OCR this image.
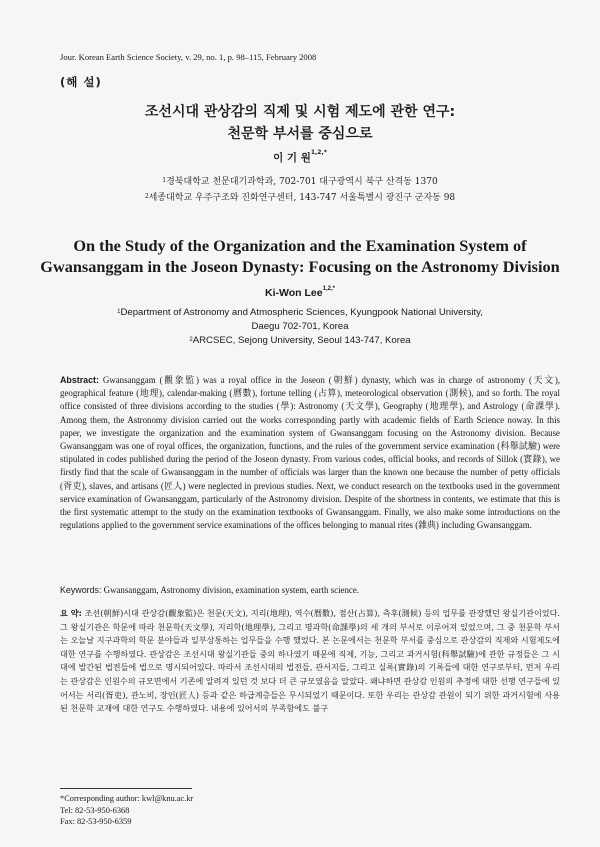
Jour. Korean Earth Science Society, v. 29, no. 1, p. 98–115, February 2008
(해 설)
조선시대 관상감의 직제 및 시험 제도에 관한 연구:
천문학 부서를 중심으로
이 기 원$^{1,2,*}$
$^1$경북대학교 천문대기과학과, 702-701 대구광역시 북구 산격동 1370
$^2$세종대학교 우주구조와 진화연구센터, 143-747 서울특별시 광진구 군자동 98
On the Study of the Organization and the Examination System of
Gwansanggam in the Joseon Dynasty: Focusing on the Astronomy Division
Ki-Won Lee$^{1,2,*}$
$^1$Department of Astronomy and Atmospheric Sciences, Kyungpook National University,
Daegu 702-701, Korea
$^2$ARCSEC, Sejong University, Seoul 143-747, Korea
Abstract: Gwansanggam (觀象監) was a royal office in the Joseon (朝鮮) dynasty, which was in charge of astronomy (天文), geographical feature (地理), calendar-making (曆數), fortune telling (占算), meteorological observation (測候), and so forth. The royal office consisted of three divisions according to the studies (學): Astronomy (天文學), Geography (地理學), and Astrology (命課學). Among them, the Astronomy division carried out the works corresponding partly with academic fields of Earth Science noway. In this paper, we investigate the organization and the examination system of Gwansanggam focusing on the Astronomy division. Because Gwansanggam was one of royal offices, the organization, functions, and the rules of the government service examination (科舉試驗) were stipulated in codes published during the period of the Joseon dynasty. From various codes, official books, and records of Sillok (實錄), we firstly find that the scale of Gwansanggam in the number of officials was larger than the known one because the number of petty officials (胥吏), slaves, and artisans (匠人) were neglected in previous studies. Next, we conduct research on the textbooks used in the government service examination of Gwansanggam, particularly of the Astronomy division. Despite of the shortness in contents, we estimate that this is the first systematic attempt to the study on the examination textbooks of Gwansanggam. Finally, we also make some introductions on the regulations applied to the government service examinations of the offices belonging to manual rites (雜典) including Gwansanggam.
Keywords: Gwansanggam, Astronomy division, examination system, earth science.
요 약: 조선(朝鮮)시대 관상감(觀象監)은 천문(天文), 지리(地理), 역수(曆數), 점산(占算), 측후(測候) 등의 업무를 관장했던 왕실기관이었다. 그 왕실기관은 학문에 따라 천문학(天文學), 지리학(地理學), 그리고 명과학(命課學)의 세 개의 부서로 이루어져 있었으며, 그 중 천문학 부서는 오늘날 지구과학의 학문 분야들과 일부상통하는 업무들을 수행 했었다. 본 논문에서는 천문학 부서를 중심으로 관상감의 직제와 시험제도에 대한 연구를 수행하였다. 관상감은 조선시대 왕실기관들 중의 하나였기 때문에 직제, 기능, 그리고 과거시험(科舉試驗)에 관한 규정들은 그 시대에 발간된 법전들에 법으로 명시되어있다. 따라서 조선시대의 법전들, 관서지들, 그리고 실록(實錄)의 기록들에 대한 연구로부터, 먼저 우리는 관상감은 인원수의 규모면에서 기존에 알려져 있던 것 보다 더 큰 규모였음을 알았다. 왜냐하면 관상감 인원의 추정에 대한 선행 연구들에 있어서는 서리(胥吏), 관노비, 장인(匠人) 등과 같은 하급계층들은 무시되었기 때문이다. 또한 우리는 관상감 관원이 되기 위한 과거시험에 사용된 천문학 교재에 대한 연구도 수행하였다. 내용에 있어서의 부족함에도 불구
*Corresponding author: kwl@knu.ac.kr
Tel: 82-53-950-6368
Fax: 82-53-950-6359
